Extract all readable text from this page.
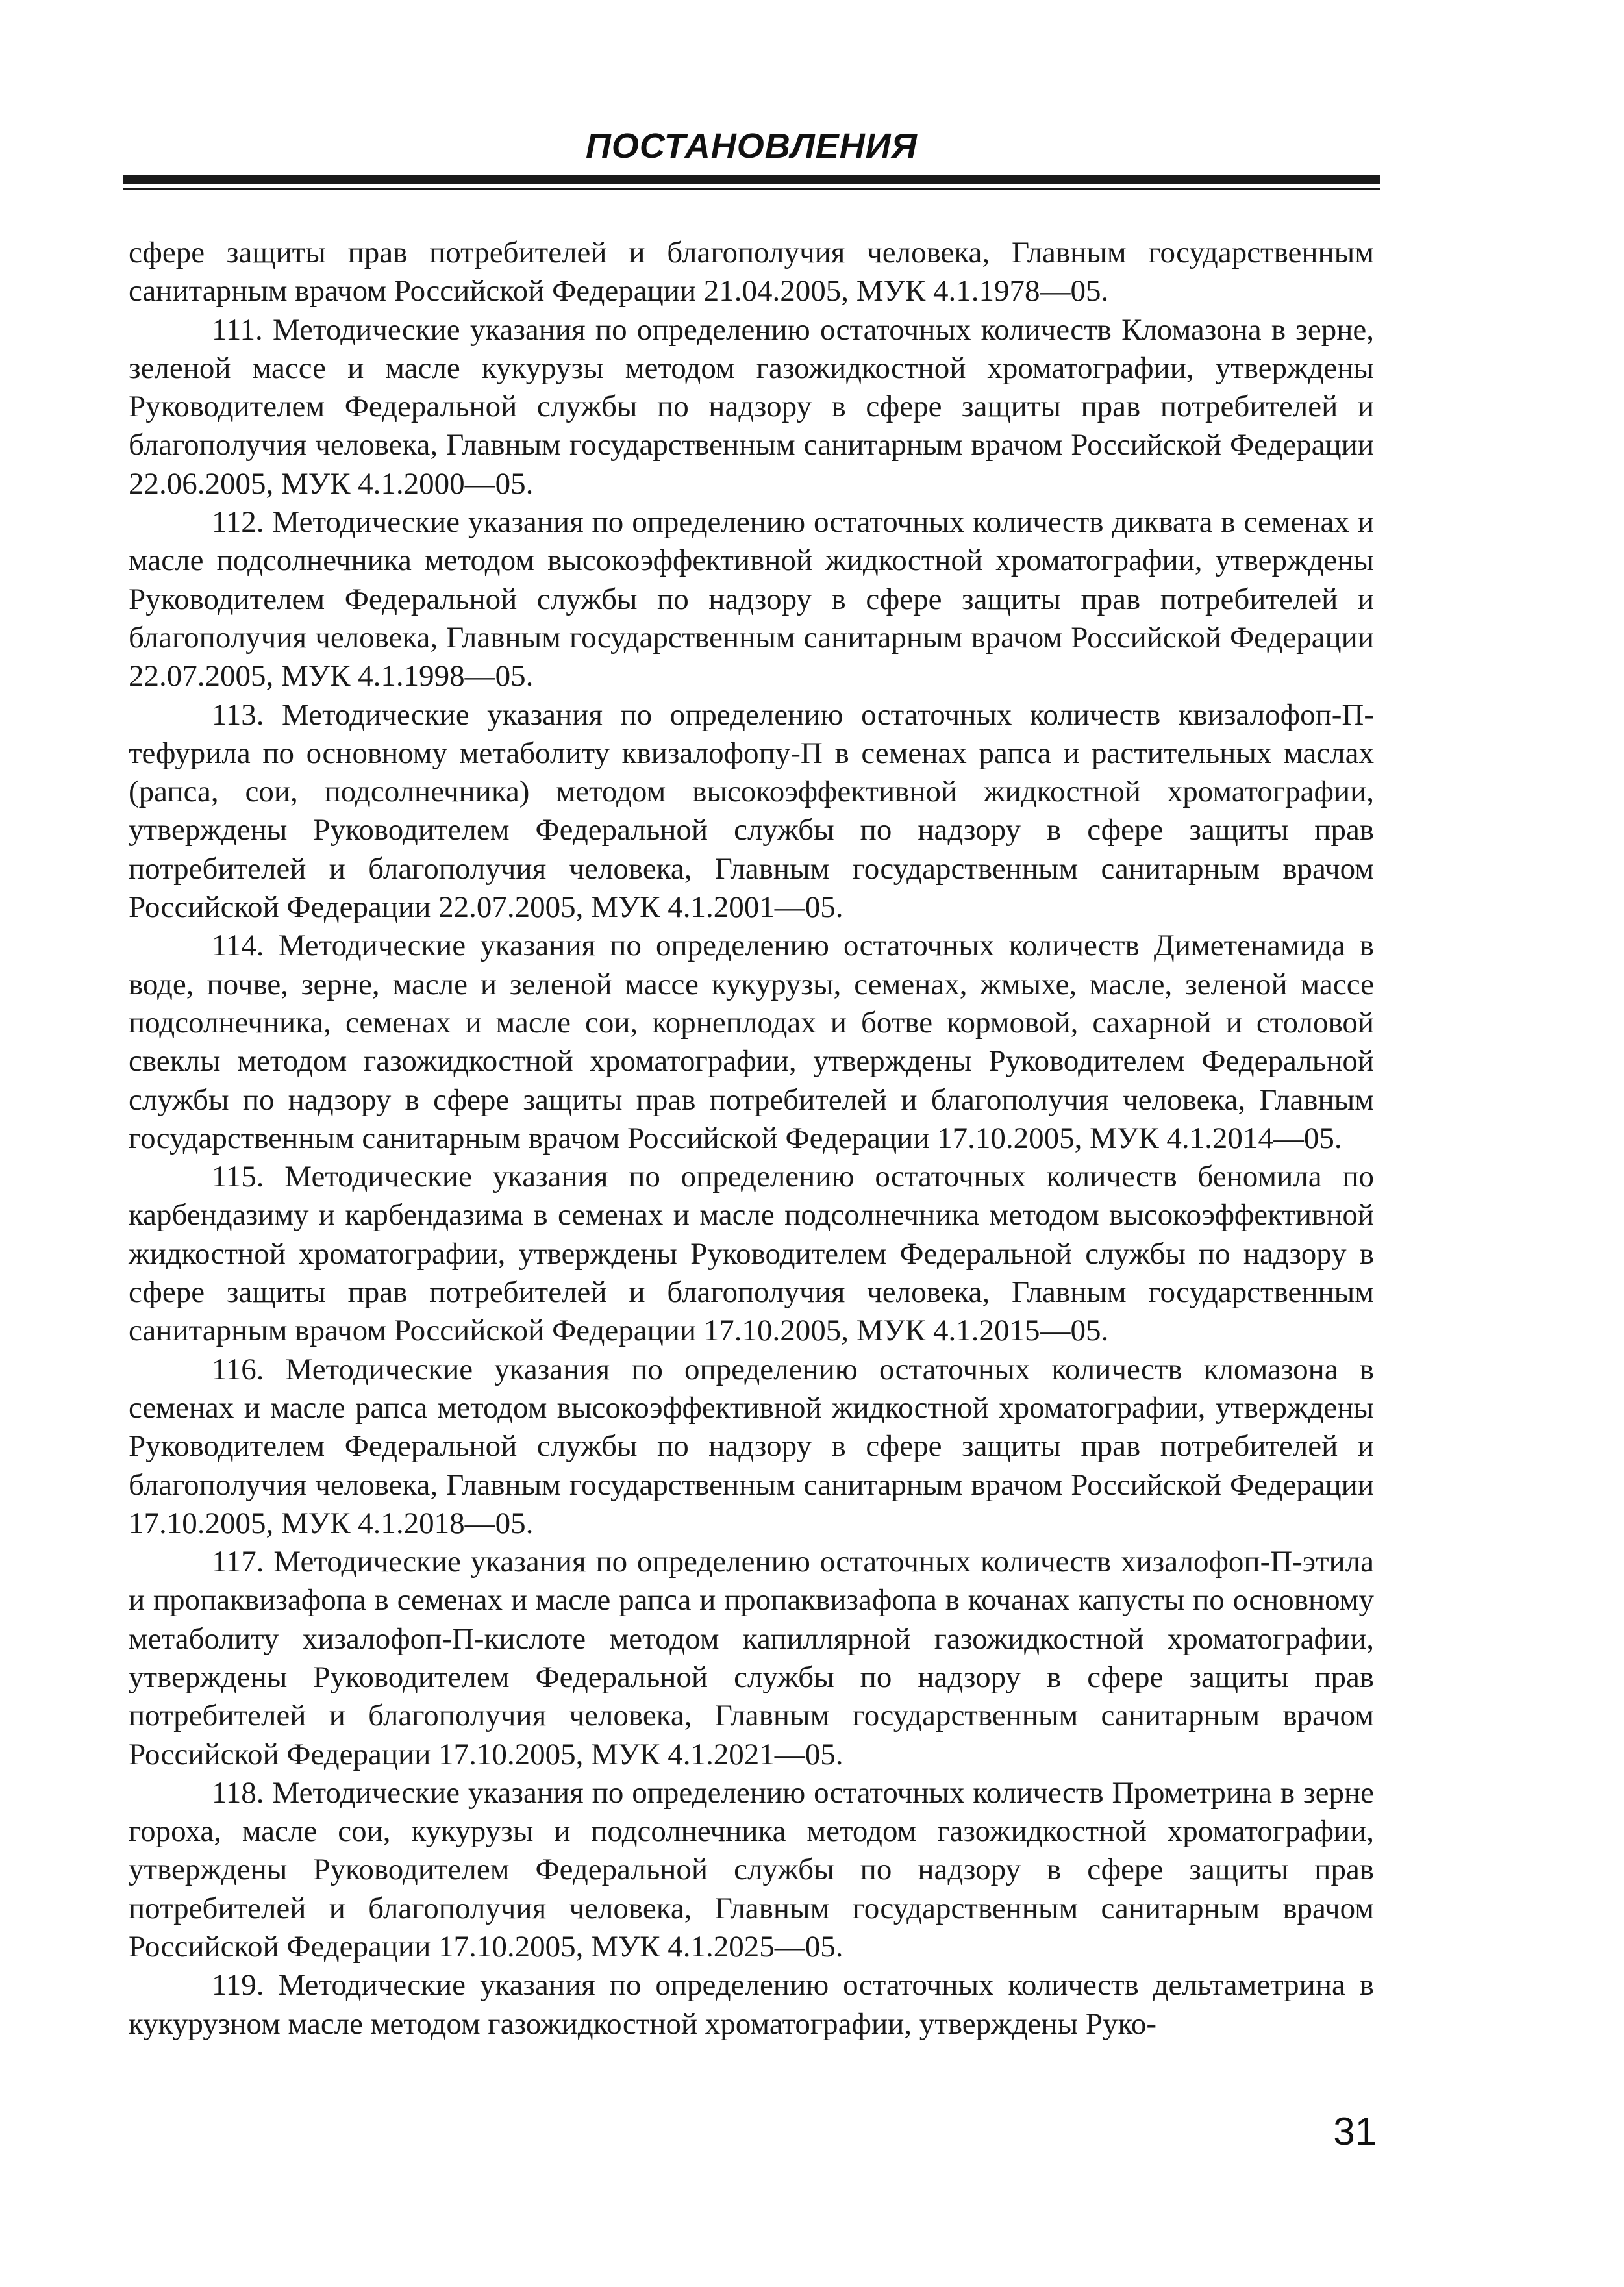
ПОСТАНОВЛЕНИЯ

сфере защиты прав потребителей и благополучия человека, Главным государственным санитарным врачом Российской Федерации 21.04.2005, МУК 4.1.1978—05.

111. Методические указания по определению остаточных количеств Кломазона в зерне, зеленой массе и масле кукурузы методом газожидкостной хроматографии, утверждены Руководителем Федеральной службы по надзору в сфере защиты прав потребителей и благополучия человека, Главным государственным санитарным врачом Российской Федерации 22.06.2005, МУК 4.1.2000—05.

112. Методические указания по определению остаточных количеств диквата в семенах и масле подсолнечника методом высокоэффективной жидкостной хроматографии, утверждены Руководителем Федеральной службы по надзору в сфере защиты прав потребителей и благополучия человека, Главным государственным санитарным врачом Российской Федерации 22.07.2005, МУК 4.1.1998—05.

113. Методические указания по определению остаточных количеств квизалофоп-П-тефурила по основному метаболиту квизалофопу-П в семенах рапса и растительных маслах (рапса, сои, подсолнечника) методом высокоэффективной жидкостной хроматографии, утверждены Руководителем Федеральной службы по надзору в сфере защиты прав потребителей и благополучия человека, Главным государственным санитарным врачом Российской Федерации 22.07.2005, МУК 4.1.2001—05.

114. Методические указания по определению остаточных количеств Диметенамида в воде, почве, зерне, масле и зеленой массе кукурузы, семенах, жмыхе, масле, зеленой массе подсолнечника, семенах и масле сои, корнеплодах и ботве кормовой, сахарной и столовой свеклы методом газожидкостной хроматографии, утверждены Руководителем Федеральной службы по надзору в сфере защиты прав потребителей и благополучия человека, Главным государственным санитарным врачом Российской Федерации 17.10.2005, МУК 4.1.2014—05.

115. Методические указания по определению остаточных количеств беномила по карбендазиму и карбендазима в семенах и масле подсолнечника методом высокоэффективной жидкостной хроматографии, утверждены Руководителем Федеральной службы по надзору в сфере защиты прав потребителей и благополучия человека, Главным государственным санитарным врачом Российской Федерации 17.10.2005, МУК 4.1.2015—05.

116. Методические указания по определению остаточных количеств кломазона в семенах и масле рапса методом высокоэффективной жидкостной хроматографии, утверждены Руководителем Федеральной службы по надзору в сфере защиты прав потребителей и благополучия человека, Главным государственным санитарным врачом Российской Федерации 17.10.2005, МУК 4.1.2018—05.

117. Методические указания по определению остаточных количеств хизалофоп-П-этила и пропаквизафопа в семенах и масле рапса и пропаквизафопа в кочанах капусты по основному метаболиту хизалофоп-П-кислоте методом капиллярной газожидкостной хроматографии, утверждены Руководителем Федеральной службы по надзору в сфере защиты прав потребителей и благополучия человека, Главным государственным санитарным врачом Российской Федерации 17.10.2005, МУК 4.1.2021—05.

118. Методические указания по определению остаточных количеств Прометрина в зерне гороха, масле сои, кукурузы и подсолнечника методом газожидкостной хроматографии, утверждены Руководителем Федеральной службы по надзору в сфере защиты прав потребителей и благополучия человека, Главным государственным санитарным врачом Российской Федерации 17.10.2005, МУК 4.1.2025—05.

119. Методические указания по определению остаточных количеств дельтаметрина в кукурузном масле методом газожидкостной хроматографии, утверждены Руко-

31
